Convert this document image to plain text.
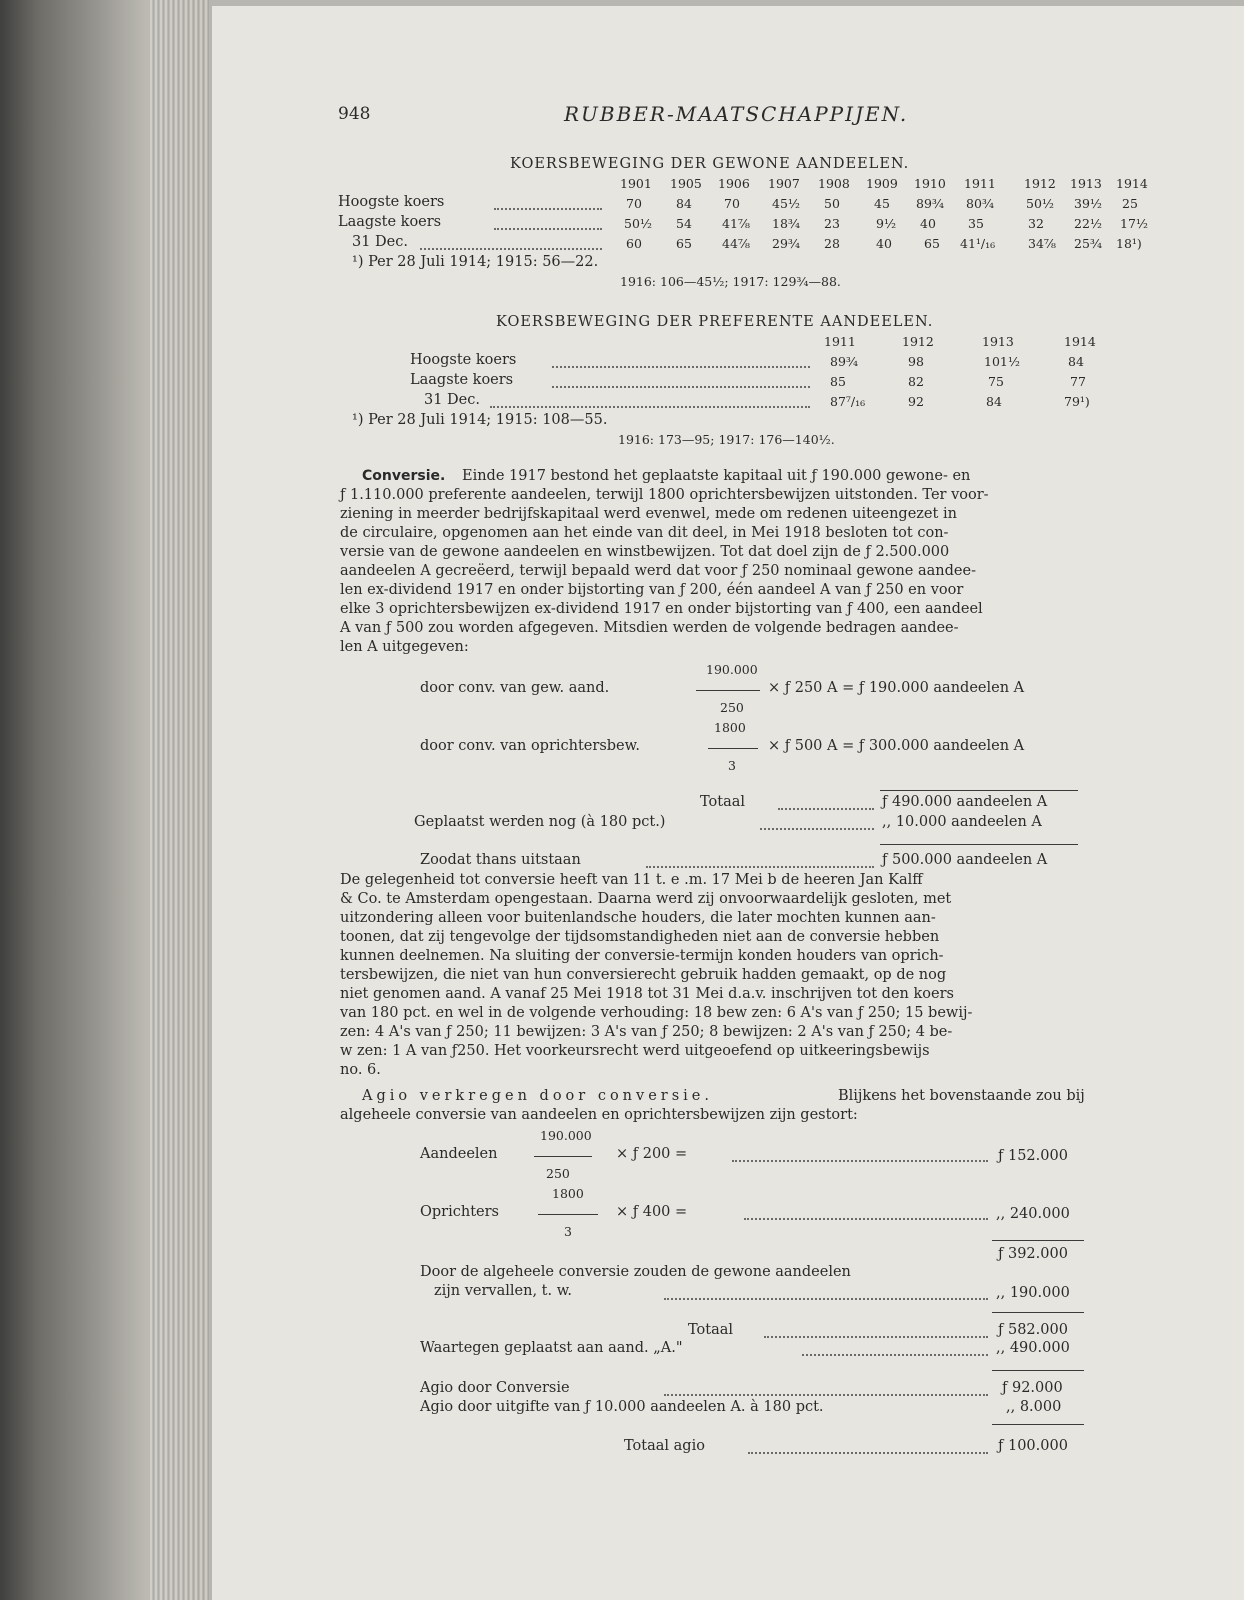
948	RUBBER-MAATSCHAPPIJEN.
KOERSBEWEGING DER GEWONE AANDEELEN.
1901 1905 1906 1907 1908 1909 1910 1911 1912 1913 1914
Hoogste koers	70	84	70	45½ 50	45 89¾ 80¾	50½ 39½ 25
Laagste koers	50½ 54 41⅞ 18¾ 23	9½ 40	35	32 22½ 17½
31 Dec.	60	65 44⅞ 29¾ 28	40	65 41¹/₁₆	34⅞ 25¾ 18¹)
¹) Per 28 Juli 1914; 1915: 56—22.
1916: 106—45½; 1917: 129¾—88.
KOERSBEWEGING DER PREFERENTE AANDEELEN.
1911	1912	1913	1914
Hoogste koers	89¾	98	101½	84
Laagste koers	85	82	75	77
31 Dec.	87⁷/₁₆	92	84	79¹)
¹) Per 28 Juli 1914; 1915: 108—55.
1916: 173—95; 1917: 176—140½.
Conversie. Einde 1917 bestond het geplaatste kapitaal uit ƒ 190.000 gewone- en
ƒ 1.110.000 preferente aandeelen, terwijl 1800 oprichtersbewijzen uitstonden. Ter voor-
ziening in meerder bedrijfskapitaal werd evenwel, mede om redenen uiteengezet in
de circulaire, opgenomen aan het einde van dit deel, in Mei 1918 besloten tot con-
versie van de gewone aandeelen en winstbewijzen. Tot dat doel zijn de ƒ 2.500.000
aandeelen A gecreëerd, terwijl bepaald werd dat voor ƒ 250 nominaal gewone aandee-
len ex-dividend 1917 en onder bijstorting van ƒ 200, één aandeel A van ƒ 250 en voor
elke 3 oprichtersbewijzen ex-dividend 1917 en onder bijstorting van ƒ 400, een aandeel
A van ƒ 500 zou worden afgegeven. Mitsdien werden de volgende bedragen aandee-
len A uitgegeven:
190.000
door conv. van gew. aand.	× ƒ 250 A = ƒ 190.000 aandeelen A
250
1800
door conv. van oprichtersbew.	× ƒ 500 A = ƒ 300.000 aandeelen A
3
Totaal	ƒ 490.000 aandeelen A
Geplaatst werden nog (à 180 pct.)	,, 10.000 aandeelen A
Zoodat thans uitstaan	ƒ 500.000 aandeelen A
De gelegenheid tot conversie heeft van 11 t. e .m. 17 Mei b de heeren Jan Kalff
& Co. te Amsterdam opengestaan. Daarna werd zij onvoorwaardelijk gesloten, met
uitzondering alleen voor buitenlandsche houders, die later mochten kunnen aan-
toonen, dat zij tengevolge der tijdsomstandigheden niet aan de conversie hebben
kunnen deelnemen. Na sluiting der conversie-termijn konden houders van oprich-
tersbewijzen, die niet van hun conversierecht gebruik hadden gemaakt, op de nog
niet genomen aand. A vanaf 25 Mei 1918 tot 31 Mei d.a.v. inschrijven tot den koers
van 180 pct. en wel in de volgende verhouding: 18 bew zen: 6 A's van ƒ 250; 15 bewij-
zen: 4 A's van ƒ 250; 11 bewijzen: 3 A's van ƒ 250; 8 bewijzen: 2 A's van ƒ 250; 4 be-
w zen: 1 A van ƒ250. Het voorkeursrecht werd uitgeoefend op uitkeeringsbewijs
no. 6.
Agio verkregen door conversie.	Blijkens het bovenstaande zou bij
algeheele conversie van aandeelen en oprichtersbewijzen zijn gestort:
190.000
Aandeelen	× ƒ 200 =	ƒ 152.000
250
1800
Oprichters	× ƒ 400 =	,, 240.000
3
ƒ 392.000
Door de algeheele conversie zouden de gewone aandeelen
zijn vervallen, t. w.	,, 190.000
Totaal	ƒ 582.000
Waartegen geplaatst aan aand. „A."	,, 490.000
Agio door Conversie	ƒ 92.000
Agio door uitgifte van ƒ 10.000 aandeelen A. à 180 pct.	,, 8.000
Totaal agio	ƒ 100.000
